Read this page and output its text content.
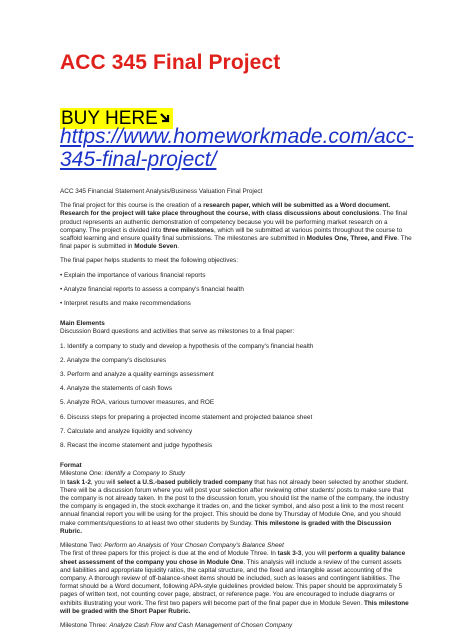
ACC 345 Final Project
BUY HERE
https://www.homeworkmade.com/acc-345-final-project/

ACC 345 Financial Statement Analysis/Business Valuation Final Project

The final project for this course is the creation of a research paper, which will be submitted as a Word document. Research for the project will take place throughout the course, with class discussions about conclusions. The final product represents an authentic demonstration of competency because you will be performing market research on a company. The project is divided into three milestones, which will be submitted at various points throughout the course to scaffold learning and ensure quality final submissions. The milestones are submitted in Modules One, Three, and Five. The final paper is submitted in Module Seven.

The final paper helps students to meet the following objectives:

• Explain the importance of various financial reports

• Analyze financial reports to assess a company's financial health

• Interpret results and make recommendations

Main Elements

Discussion Board questions and activities that serve as milestones to a final paper:

1. Identify a company to study and develop a hypothesis of the company's financial health

2. Analyze the company's disclosures

3. Perform and analyze a quality earnings assessment

4. Analyze the statements of cash flows

5. Analyze ROA, various turnover measures, and ROE

6. Discuss steps for preparing a projected income statement and projected balance sheet

7. Calculate and analyze liquidity and solvency

8. Recast the income statement and judge hypothesis

Format

Milestone One: Identify a Company to Study

In task 1-2, you will select a U.S.-based publicly traded company that has not already been selected by another student. There will be a discussion forum where you will post your selection after reviewing other students' posts to make sure that the company is not already taken. In the post to the discussion forum, you should list the name of the company, the industry the company is engaged in, the stock exchange it trades on, and the ticker symbol, and also post a link to the most recent annual financial report you will be using for the project. This should be done by Thursday of Module One, and you should make comments/questions to at least two other students by Sunday. This milestone is graded with the Discussion Rubric.

Milestone Two: Perform an Analysis of Your Chosen Company's Balance Sheet

The first of three papers for this project is due at the end of Module Three. In task 3-3, you will perform a quality balance sheet assessment of the company you chose in Module One. This analysis will include a review of the current assets and liabilities and appropriate liquidity ratios, the capital structure, and the fixed and intangible asset accounting of the company. A thorough review of off-balance-sheet items should be included, such as leases and contingent liabilities. The format should be a Word document, following APA-style guidelines provided below. This paper should be approximately 5 pages of written text, not counting cover page, abstract, or reference page. You are encouraged to include diagrams or exhibits illustrating your work. The first two papers will become part of the final paper due in Module Seven. This milestone will be graded with the Short Paper Rubric.

Milestone Three: Analyze Cash Flow and Cash Management of Chosen Company
